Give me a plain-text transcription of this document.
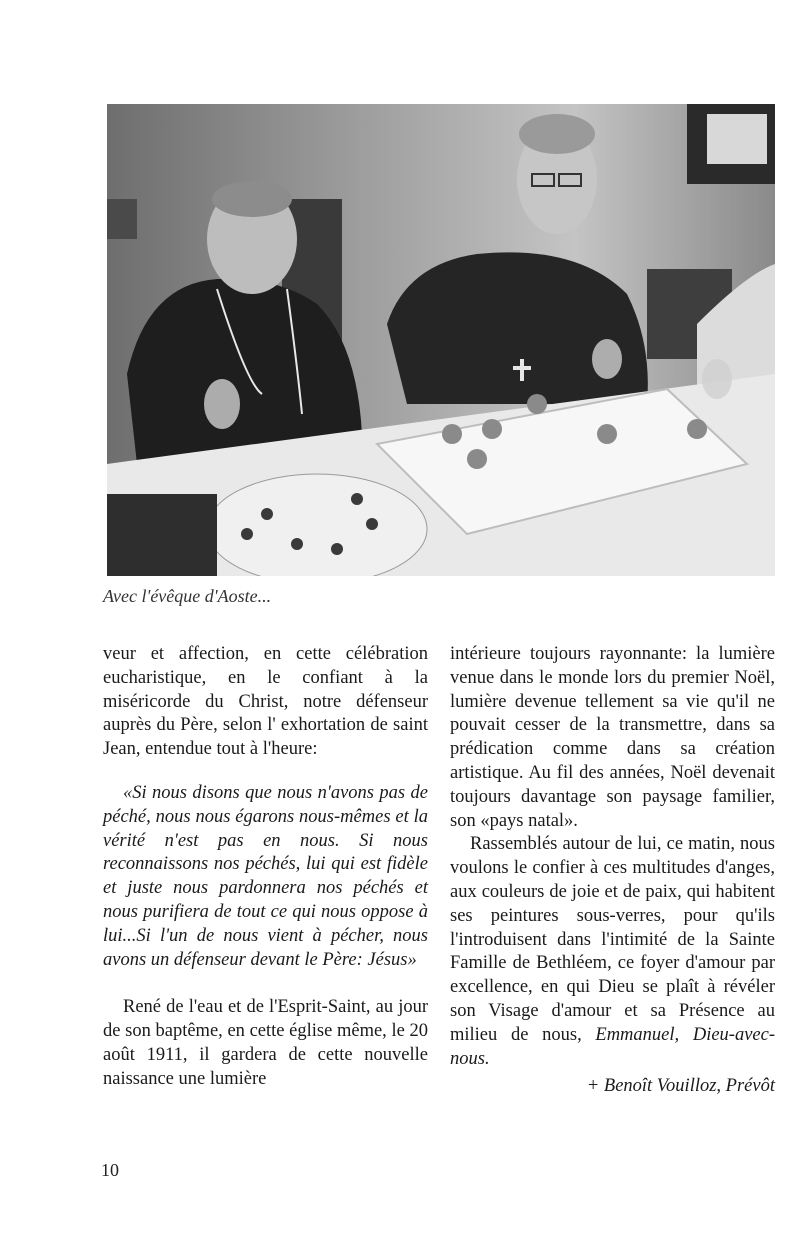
Avec l'évêque d'Aoste...

veur et affection, en cette célébration eucharistique, en le confiant à la miséricorde du Christ, notre défenseur auprès du Père, selon l' exhortation de saint Jean, entendue tout à l'heure:

«Si nous disons que nous n'avons pas de péché, nous nous égarons nous-mêmes et la vérité n'est pas en nous. Si nous reconnaissons nos péchés, lui qui est fidèle et juste nous pardonnera nos péchés et nous purifiera de tout ce qui nous oppose à lui...Si l'un de nous vient à pécher, nous avons un défenseur devant le Père: Jésus»

René de l'eau et de l'Esprit-Saint, au jour de son baptême, en cette église même, le 20 août 1911, il gardera de cette nouvelle naissance une lumière

intérieure toujours rayonnante: la lumière venue dans le monde lors du premier Noël, lumière devenue tellement sa vie qu'il ne pouvait cesser de la transmettre, dans sa prédication comme dans sa création artistique. Au fil des années, Noël devenait toujours davantage son paysage familier, son «pays natal».

Rassemblés autour de lui, ce matin, nous voulons le confier à ces multitudes d'anges, aux couleurs de joie et de paix, qui habitent ses peintures sous-verres, pour qu'ils l'introduisent dans l'intimité de la Sainte Famille de Bethléem, ce foyer d'amour par excellence, en qui Dieu se plaît à révéler son Visage d'amour et sa Présence au milieu de nous, Emmanuel, Dieu-avec-nous.

+ Benoît Vouilloz, Prévôt

10
